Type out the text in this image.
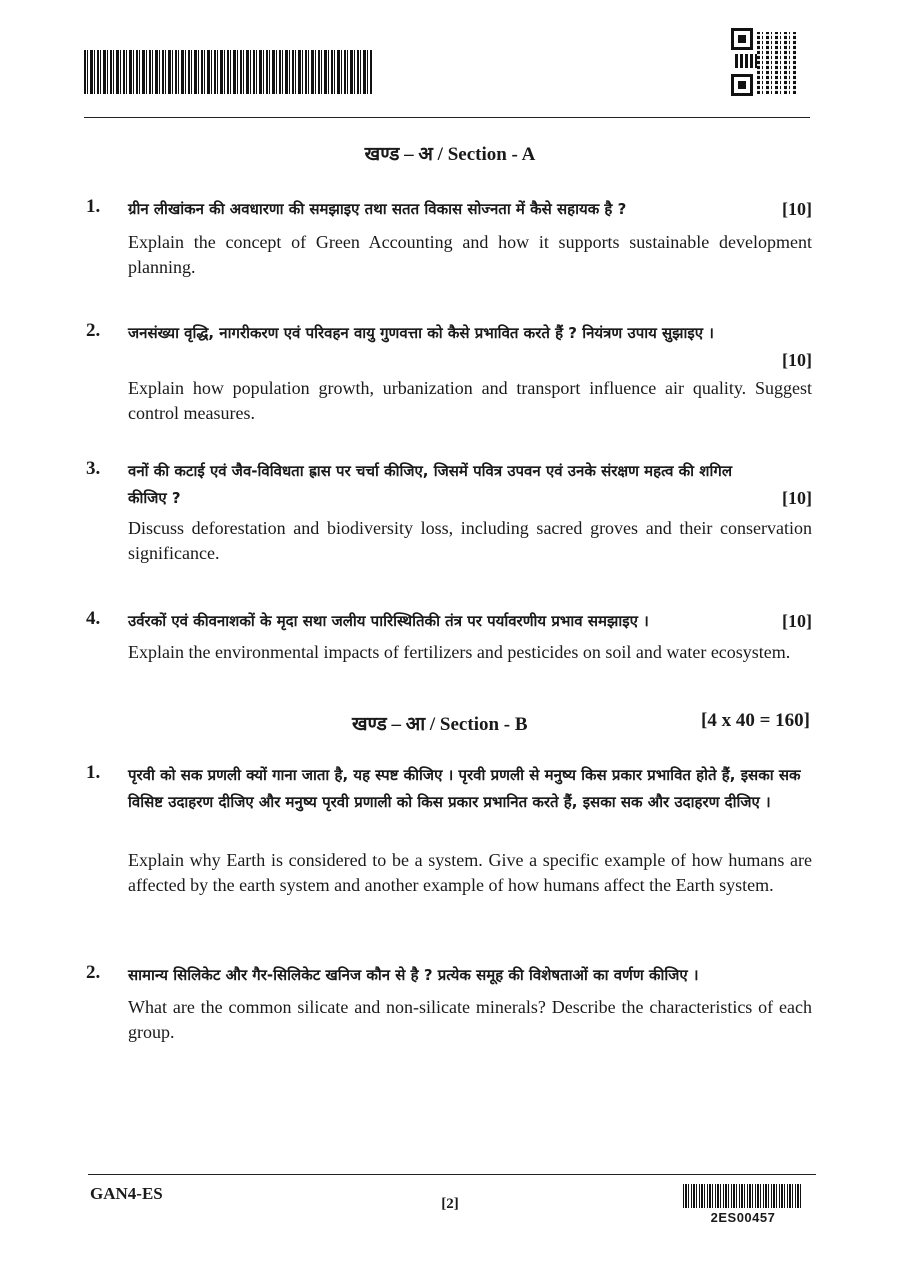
खण्ड – अ / Section - A
1.	[10]
ग्रीन लीखांकन की अवधारणा की समझाइए तथा सतत विकास सोज्नता में कैसे सहायक है ?
Explain the concept of Green Accounting and how it supports sustainable development planning.
2.
[10]
जनसंख्या वृद्धि, नागरीकरण एवं परिवहन वायु गुणवत्ता को कैसे प्रभावित करते हैं ? नियंत्रण उपाय सुझाइए ।
Explain how population growth, urbanization and transport influence air quality. Suggest control measures.
3.
[10]
वनों की कटाई एवं जैव-विविधता ह्रास पर चर्चा कीजिए, जिसमें पवित्र उपवन एवं उनके संरक्षण महत्व की शगिल कीजिए ?
Discuss deforestation and biodiversity loss, including sacred groves and their conservation significance.
4.	[10]
उर्वरकों एवं कीवनाशकों के मृदा सथा जलीय पारिस्थितिकी तंत्र पर पर्यावरणीय प्रभाव समझाइए ।
Explain the environmental impacts of fertilizers and pesticides on soil and water ecosystem.
खण्ड – आ / Section - B	[4 x 40 = 160]
1.	पृरवी को सक प्रणली क्यों गाना जाता है, यह स्पष्ट कीजिए । पृरवी प्रणली से मनुष्य किस प्रकार प्रभावित होते हैं, इसका सक विसिष्ट उदाहरण दीजिए और मनुष्य पृरवी प्रणाली को किस प्रकार प्रभानित करते हैं, इसका सक और उदाहरण दीजिए ।
Explain why Earth is considered to be a system. Give a specific example of how humans are affected by the earth system and another example of how humans affect the Earth system.
2.	सामान्य सिलिकेट और गैर-सिलिकेट खनिज कौन से है ? प्रत्येक समूह की विशेषताओं का वर्णण कीजिए ।
What are the common silicate and non-silicate minerals? Describe the characteristics of each group.
GAN4-ES
[2]
2ES00457
